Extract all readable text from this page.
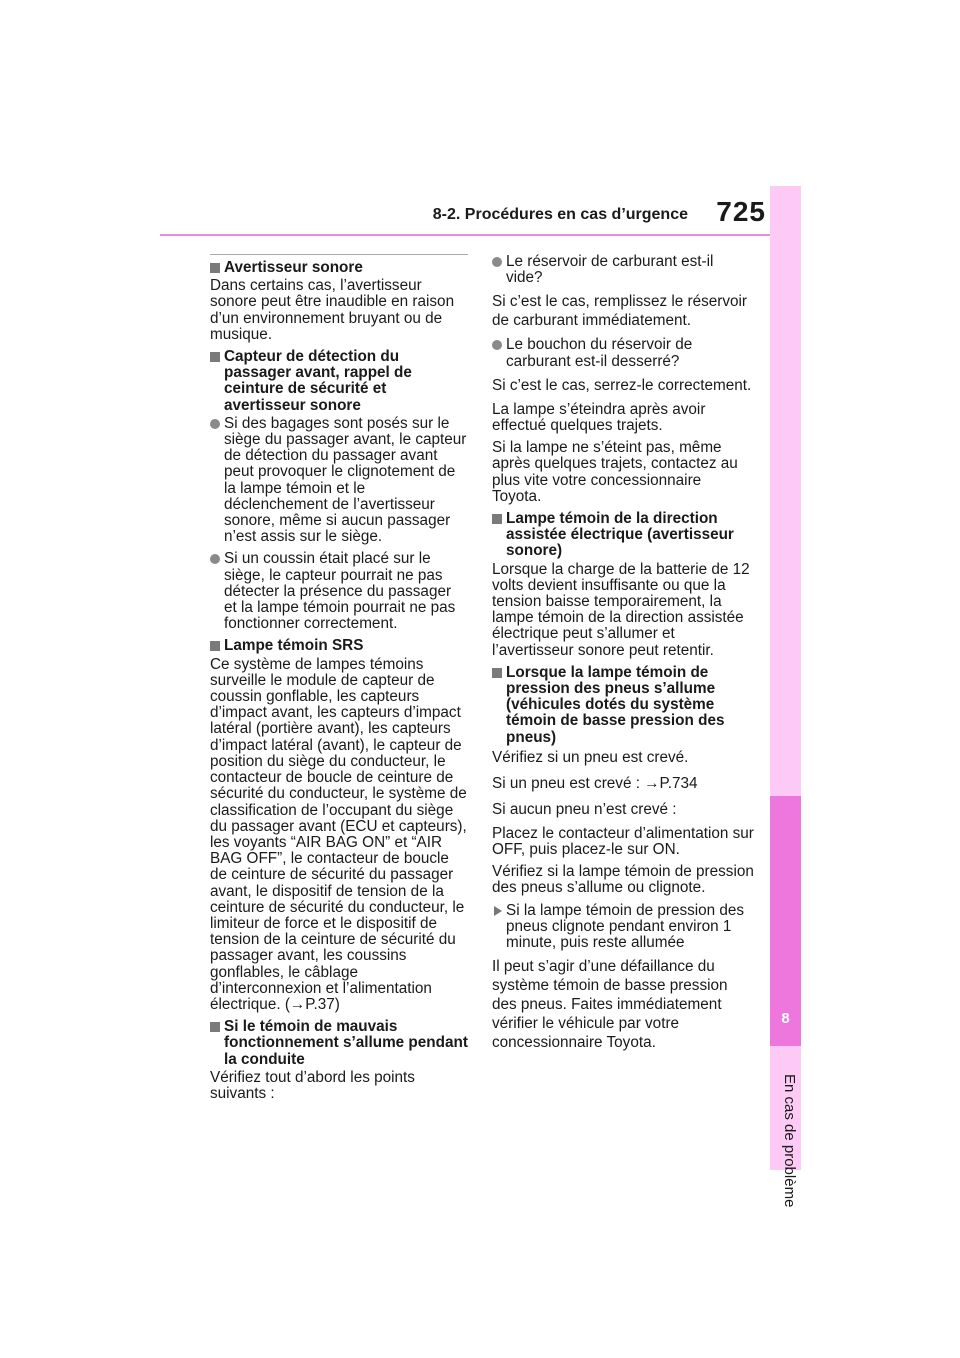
8-2. Procédures en cas d’urgence	725
8
En cas de problème
Avertisseur sonore
Dans certains cas, l’avertisseur sonore peut être inaudible en raison d’un environnement bruyant ou de musique.
Capteur de détection du passager avant, rappel de ceinture de sécurité et avertisseur sonore
Si des bagages sont posés sur le siège du passager avant, le capteur de détection du passager avant peut provoquer le clignotement de la lampe témoin et le déclenchement de l’avertisseur sonore, même si aucun passager n’est assis sur le siège.
Si un coussin était placé sur le siège, le capteur pourrait ne pas détecter la présence du passager et la lampe témoin pourrait ne pas fonctionner correctement.
Lampe témoin SRS
Ce système de lampes témoins surveille le module de capteur de coussin gonflable, les capteurs d’impact avant, les capteurs d’impact latéral (portière avant), les capteurs d’impact latéral (avant), le capteur de position du siège du conducteur, le contacteur de boucle de ceinture de sécurité du conducteur, le système de classification de l’occupant du siège du passager avant (ECU et capteurs), les voyants “AIR BAG ON” et “AIR BAG OFF”, le contacteur de boucle de ceinture de sécurité du passager avant, le dispositif de tension de la ceinture de sécurité du conducteur, le limiteur de force et le dispositif de tension de la ceinture de sécurité du passager avant, les coussins gonflables, le câblage d’interconnexion et l’alimentation électrique. (→P.37)
Si le témoin de mauvais fonctionnement s’allume pendant la conduite
Vérifiez tout d’abord les points suivants :
Le réservoir de carburant est-il vide?
Si c’est le cas, remplissez le réservoir de carburant immédiatement.
Le bouchon du réservoir de carburant est-il desserré?
Si c’est le cas, serrez-le correctement.
La lampe s’éteindra après avoir effectué quelques trajets.
Si la lampe ne s’éteint pas, même après quelques trajets, contactez au plus vite votre concessionnaire Toyota.
Lampe témoin de la direction assistée électrique (avertisseur sonore)
Lorsque la charge de la batterie de 12 volts devient insuffisante ou que la tension baisse temporairement, la lampe témoin de la direction assistée électrique peut s’allumer et l’avertisseur sonore peut retentir.
Lorsque la lampe témoin de pression des pneus s’allume (véhicules dotés du système témoin de basse pression des pneus)
Vérifiez si un pneu est crevé.
Si un pneu est crevé : →P.734
Si aucun pneu n’est crevé :
Placez le contacteur d’alimentation sur OFF, puis placez-le sur ON.
Vérifiez si la lampe témoin de pression des pneus s’allume ou clignote.
Si la lampe témoin de pression des pneus clignote pendant environ 1 minute, puis reste allumée
Il peut s’agir d’une défaillance du système témoin de basse pression des pneus. Faites immédiatement vérifier le véhicule par votre concessionnaire Toyota.
